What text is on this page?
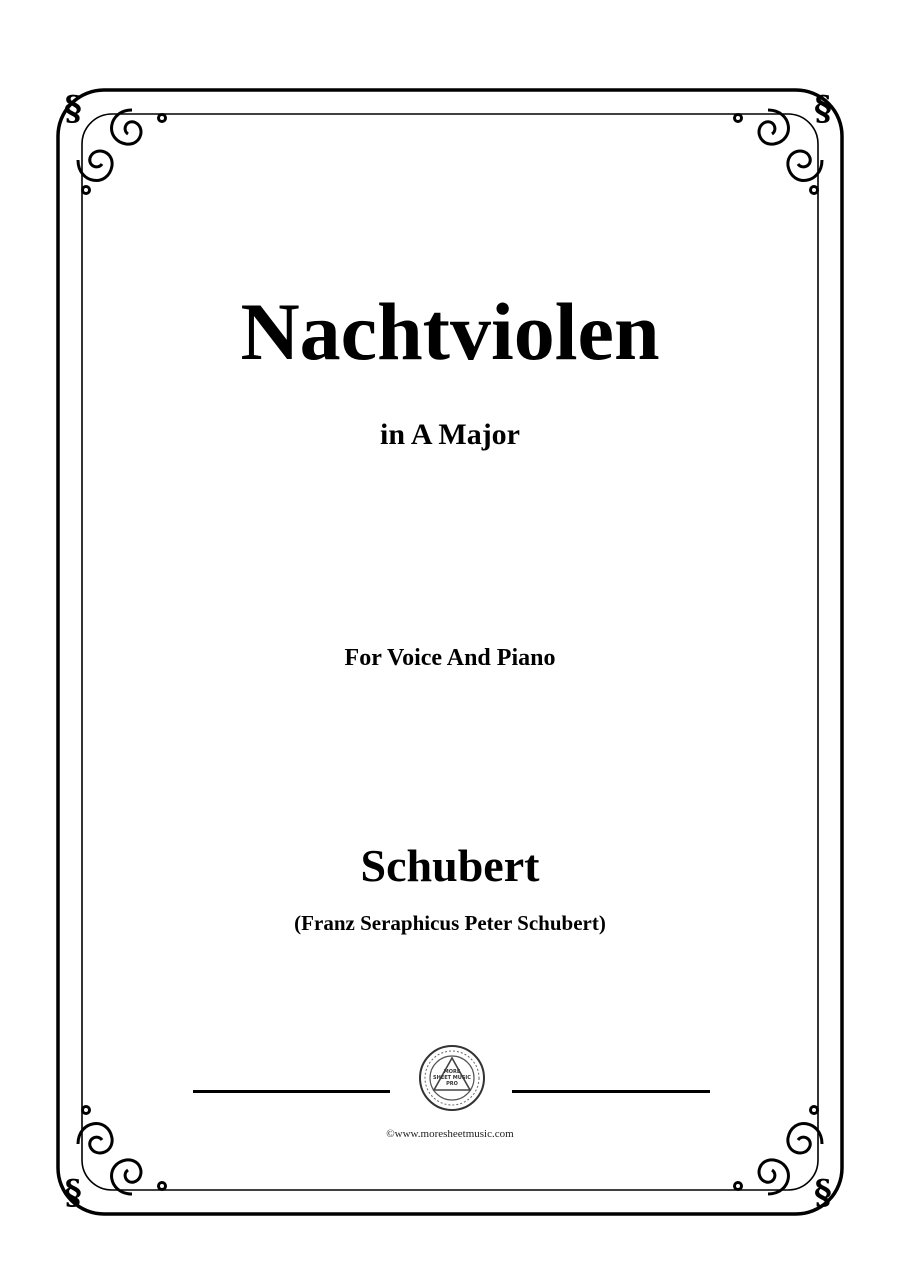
§	§
§	§
Nachtviolen
in A Major
For Voice And Piano
Schubert
(Franz Seraphicus Peter Schubert)
MORE
SHEET MUSIC
PRO
©www.moresheetmusic.com
